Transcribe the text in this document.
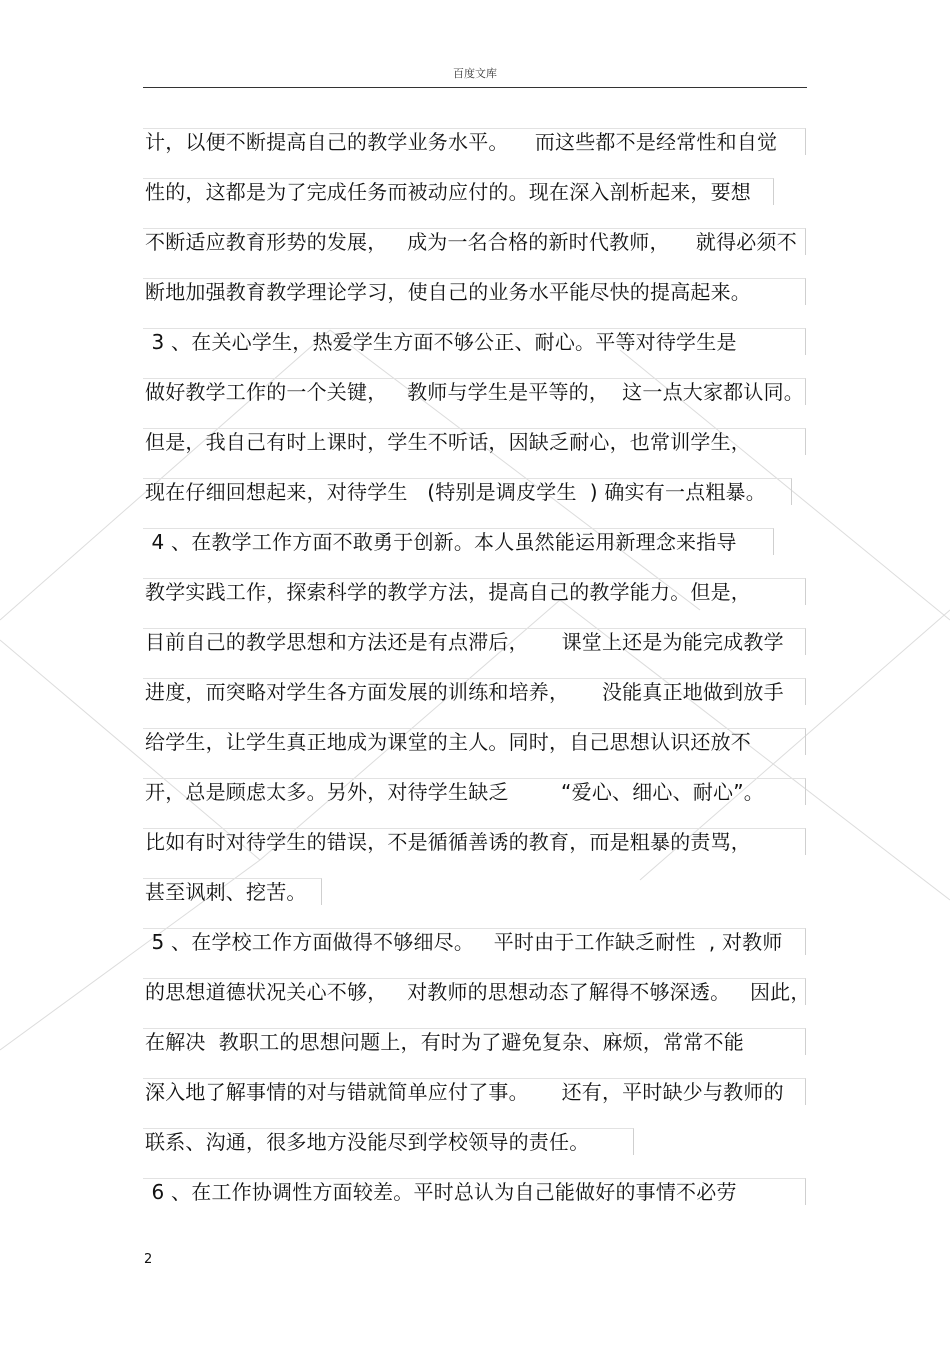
百度文库
计，以便不断提高自己的教学业务水平。    而这些都不是经常性和自觉
性的，这都是为了完成任务而被动应付的。现在深入剖析起来，要想
不断适应教育形势的发展，   成为一名合格的新时代教师，    就得必须不
断地加强教育教学理论学习，使自己的业务水平能尽快的提高起来。
3 、在关心学生，热爱学生方面不够公正、耐心。平等对待学生是
做好教学工作的一个关键，   教师与学生是平等的，  这一点大家都认同。
但是，我自己有时上课时，学生不听话，因缺乏耐心，也常训学生，
现在仔细回想起来，对待学生   (特别是调皮学生  ) 确实有一点粗暴。
4 、在教学工作方面不敢勇于创新。本人虽然能运用新理念来指导
教学实践工作，探索科学的教学方法，提高自己的教学能力。但是，
目前自己的教学思想和方法还是有点滞后，     课堂上还是为能完成教学
进度，而突略对学生各方面发展的训练和培养，     没能真正地做到放手
给学生，让学生真正地成为课堂的主人。同时，自己思想认识还放不
开，总是顾虑太多。另外，对待学生缺乏        “爱心、细心、耐心”。
比如有时对待学生的错误，不是循循善诱的教育，而是粗暴的责骂，
甚至讽刺、挖苦。
5 、在学校工作方面做得不够细尽。   平时由于工作缺乏耐性  , 对教师
的思想道德状况关心不够，   对教师的思想动态了解得不够深透。   因此，
在解决  教职工的思想问题上，有时为了避免复杂、麻烦，常常不能
深入地了解事情的对与错就简单应付了事。     还有，平时缺少与教师的
联系、沟通，很多地方没能尽到学校领导的责任。
6 、在工作协调性方面较差。平时总认为自己能做好的事情不必劳
2
